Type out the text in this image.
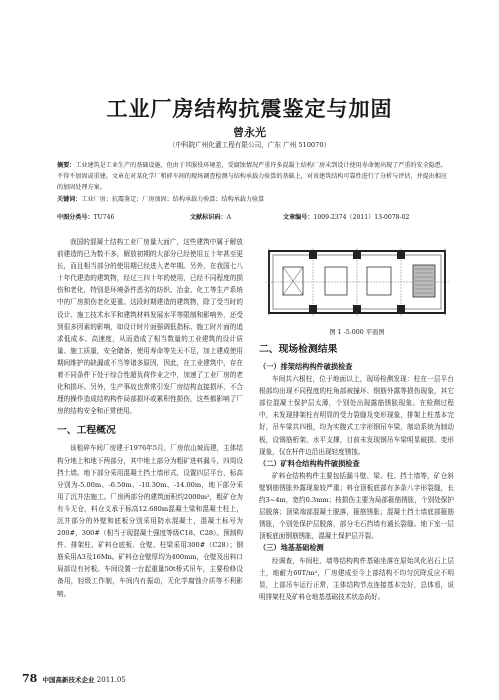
工业厂房结构抗震鉴定与加固
曾永光
（中科院广州化灌工程有限公司，广东 广州 510070）
摘要：工业建筑是工业生产的基础设施，但由于其服役环境差，受腐蚀情况严重许多混凝土结构厂房未到设计使用寿命便出现了严重的安全隐患，不得不加固或重建。文章在对某化学厂租碎车间的现场调查检测与结构承载力验算的基础上，对该建筑结构可靠性进行了分析与评估，并提出相应的加固处理方案。
关键词：工业厂房；抗震鉴定；厂房加固；结构承载力验算；结构承载力验算
中图分类号：TU746	文献标识码：A	文章编号：1009-2374（2011）13-0078-02

我国的混凝土结构工业厂房量大面广，这些建筑中属于解放前建造的已为数不多，解放初期的大部分已经使用五十年甚至更长，而且相当部分的使用期已经进入老年期。另外，在我国七八十年代建造的建筑物，经过三四十年的使用，已经不同程度的损伤和老化，特别是环境条件恶劣的纺织、冶金、化工等生产系统中的厂房损伤老化更重。这段时期建造的建筑物，除了受当时的设计、施工技术水平和建筑材料发展水平等限制和影响外，还受到很多因素的影响，如设计时片面强调低指标、施工时片面的追求低成本、高速度，从而造成了相当数量的工业建筑的设计质量、施工质量，安全储备，使用寿命等先天不足，加上建成使用期间维护的缺漏或不当等诸多原因，因此，在工业建筑中，存在着不同条件下处于综合性超负荷作业之中，加速了工业厂房的老化和损坏。另外，生产事故也常常引发厂房结构直接损坏，不合理的操作造成结构构件局部损坏或累积性损伤，这些都影响了厂房的结构安全和正常使用。

一、工程概况

该租碎车间厂房建于1976年5月，厂房依山坡而建，主体结构分地上和地下两部分，其中地上部分为粗矿进料漏斗，四周设挡土墙。地下部分采用混凝土挡土墙形式，设置四层平台，标高分别为-5.00m、-6.50m、-10.30m、-14.00m，地下部分采用了沉井法施工。厂房两部分的建筑面积约2000m²，粗矿仓为有斗无仓，料仓支承于标高12.680m混凝土梁和混凝土柱上，沉井部分的外壁和底板分别采用防水混凝土，混凝土标号为200#，300#（相当于现混凝土强度等级C18、C28）。预制构件、排架柱、矿料仓底板、仓壁、柱梁采用300#（C28）；钢筋采用A3及16Mn。矿料仓仓壁厚均为400mm，仓壁及出料口局部设有衬板。车间设置一台起重量50t桥式吊车，主要检修设备用，轻级工作制，车间内有振动，无化学腐蚀介质等不利影响。

图 1 -5.000 平面图
二、现场检测结果
（一）排架结构构件破损检查

车间共六根柱，位于地面以上，现场检测发现：柱在一层平台根部均出现不同程度的柱角部被撞坏、钢筋外露等损伤现象，其它部位混凝土保护层太薄，个别处出现露筋锈胀现象。在检测过程中，未发现排架柱有明显的受力裂缝及变形现象，排架上柱基本完好，吊车梁共四根，均为实腹式工字形钢吊车梁，制动系统为制动板，设钢筋桁架、水平支撑，目前未发现钢吊车梁明显破损、变形现象，仅在杆件边沿出现轻度锈蚀。

（二）矿料仓结构构件破损检查

矿料仓结构构件主要包括漏斗壁、梁、柱、挡土墙等，矿仓斜壁钢筋锈胀外露现象较严重；料仓顶板底部有多条八字形裂缝，长约3~4m，宽约0.3mm；枝损伤主要为局部箍筋锈胀，个别处保护层脱落；顶梁端部混凝土脱落，箍筋锈胀；混凝土挡土墙底部箍筋锈胀，个别处保护层脱落，部分毛石挡墙有通长裂缝。地下室一层顶板底面钢筋锈胀，混凝土保护层开裂。

（三）地基基础检测

经调查，车间柱、墙等结构构件基础坐落在原始风化岩石上层土，地耐力60T/m²，厂房建成至今上部结构不均匀沉降反应不明显，上部吊车运行正常，主体结构节点连接基本完好，总体看，说明排架柱及矿料仓地基基础技术状态尚好。

78 中国高新技术企业 2011.05
